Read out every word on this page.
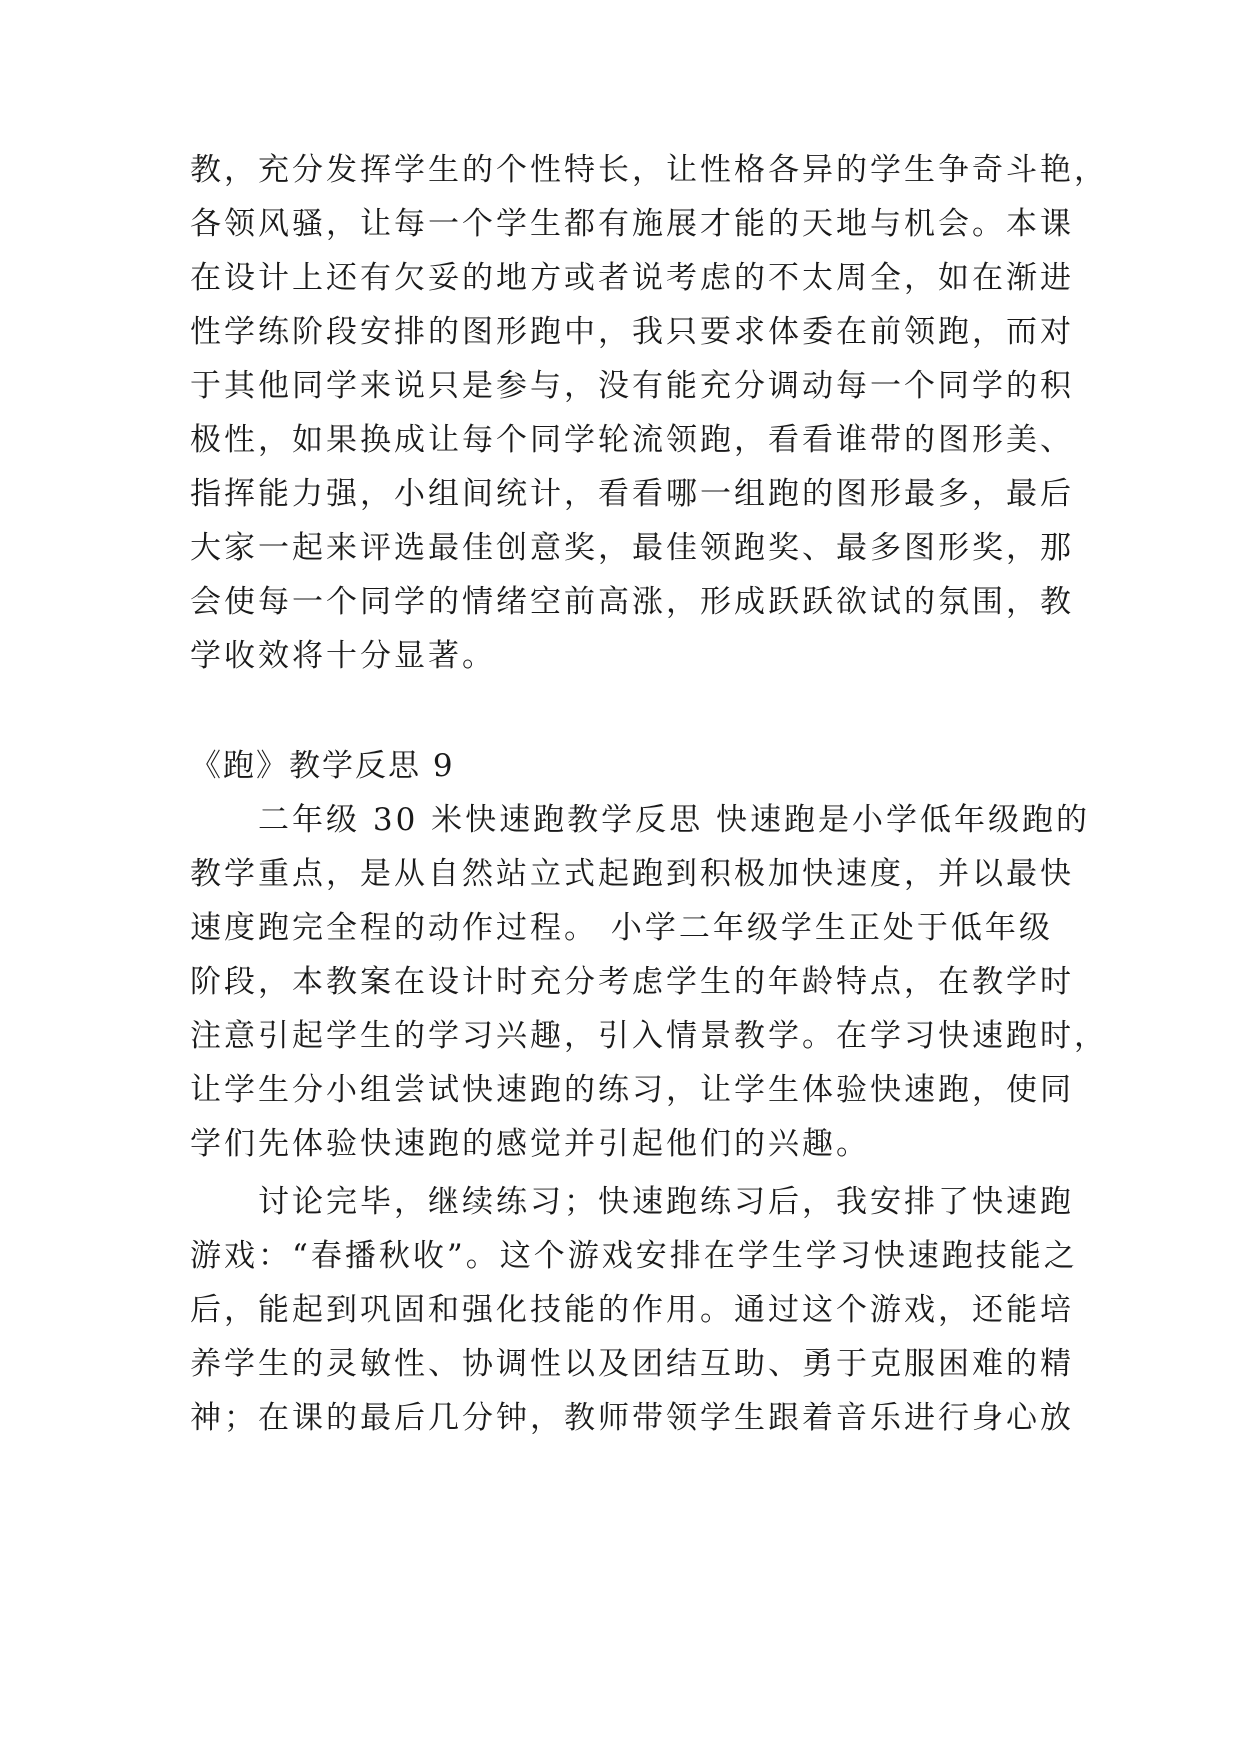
教，充分发挥学生的个性特长，让性格各异的学生争奇斗艳，
各领风骚，让每一个学生都有施展才能的天地与机会。本课
在设计上还有欠妥的地方或者说考虑的不太周全，如在渐进
性学练阶段安排的图形跑中，我只要求体委在前领跑，而对
于其他同学来说只是参与，没有能充分调动每一个同学的积
极性，如果换成让每个同学轮流领跑，看看谁带的图形美、
指挥能力强，小组间统计，看看哪一组跑的图形最多，最后
大家一起来评选最佳创意奖，最佳领跑奖、最多图形奖，那
会使每一个同学的情绪空前高涨，形成跃跃欲试的氛围，教
学收效将十分显著。
《跑》教学反思 9
　　二年级 30 米快速跑教学反思 快速跑是小学低年级跑的
教学重点，是从自然站立式起跑到积极加快速度，并以最快
速度跑完全程的动作过程。 小学二年级学生正处于低年级
阶段，本教案在设计时充分考虑学生的年龄特点，在教学时
注意引起学生的学习兴趣，引入情景教学。在学习快速跑时，
让学生分小组尝试快速跑的练习，让学生体验快速跑，使同
学们先体验快速跑的感觉并引起他们的兴趣。
　　讨论完毕，继续练习；快速跑练习后，我安排了快速跑
游戏：“春播秋收”。这个游戏安排在学生学习快速跑技能之
后，能起到巩固和强化技能的作用。通过这个游戏，还能培
养学生的灵敏性、协调性以及团结互助、勇于克服困难的精
神；在课的最后几分钟，教师带领学生跟着音乐进行身心放
